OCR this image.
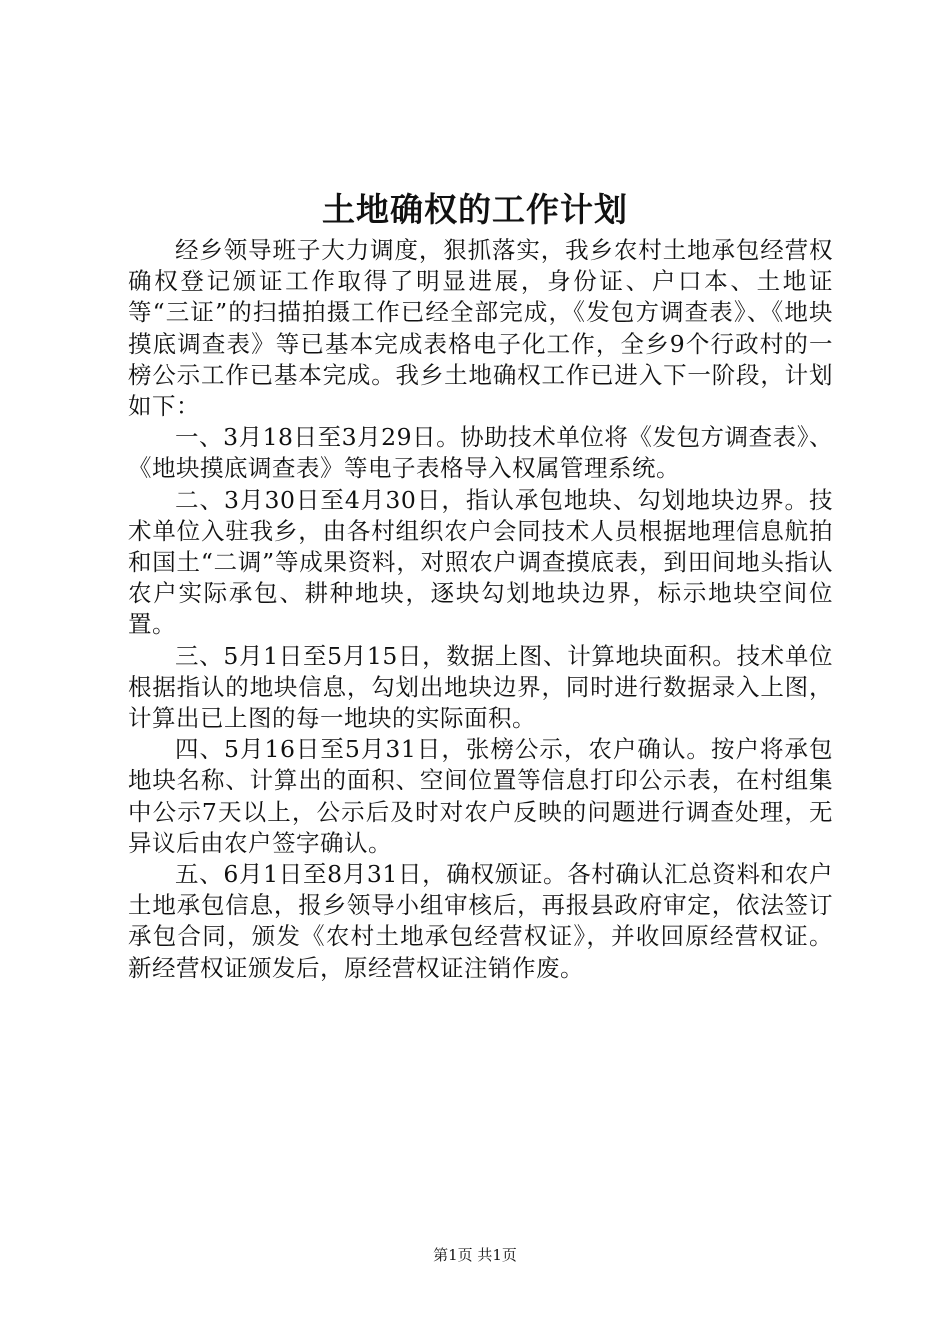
土地确权的工作计划

经乡领导班子大力调度，狠抓落实，我乡农村土地承包经营权确权登记颁证工作取得了明显进展，身份证、户口本、土地证等“三证”的扫描拍摄工作已经全部完成，《发包方调查表》、《地块摸底调查表》等已基本完成表格电子化工作，全乡9个行政村的一榜公示工作已基本完成。我乡土地确权工作已进入下一阶段，计划如下：

一、3月18日至3月29日。协助技术单位将《发包方调查表》、《地块摸底调查表》等电子表格导入权属管理系统。

二、3月30日至4月30日，指认承包地块、勾划地块边界。技术单位入驻我乡，由各村组织农户会同技术人员根据地理信息航拍和国土“二调”等成果资料，对照农户调查摸底表，到田间地头指认农户实际承包、耕种地块，逐块勾划地块边界，标示地块空间位置。

三、5月1日至5月15日，数据上图、计算地块面积。技术单位根据指认的地块信息，勾划出地块边界，同时进行数据录入上图，计算出已上图的每一地块的实际面积。

四、5月16日至5月31日，张榜公示，农户确认。按户将承包地块名称、计算出的面积、空间位置等信息打印公示表，在村组集中公示7天以上，公示后及时对农户反映的问题进行调查处理，无异议后由农户签字确认。

五、6月1日至8月31日，确权颁证。各村确认汇总资料和农户土地承包信息，报乡领导小组审核后，再报县政府审定，依法签订承包合同，颁发《农村土地承包经营权证》，并收回原经营权证。新经营权证颁发后，原经营权证注销作废。

第1页 共1页
